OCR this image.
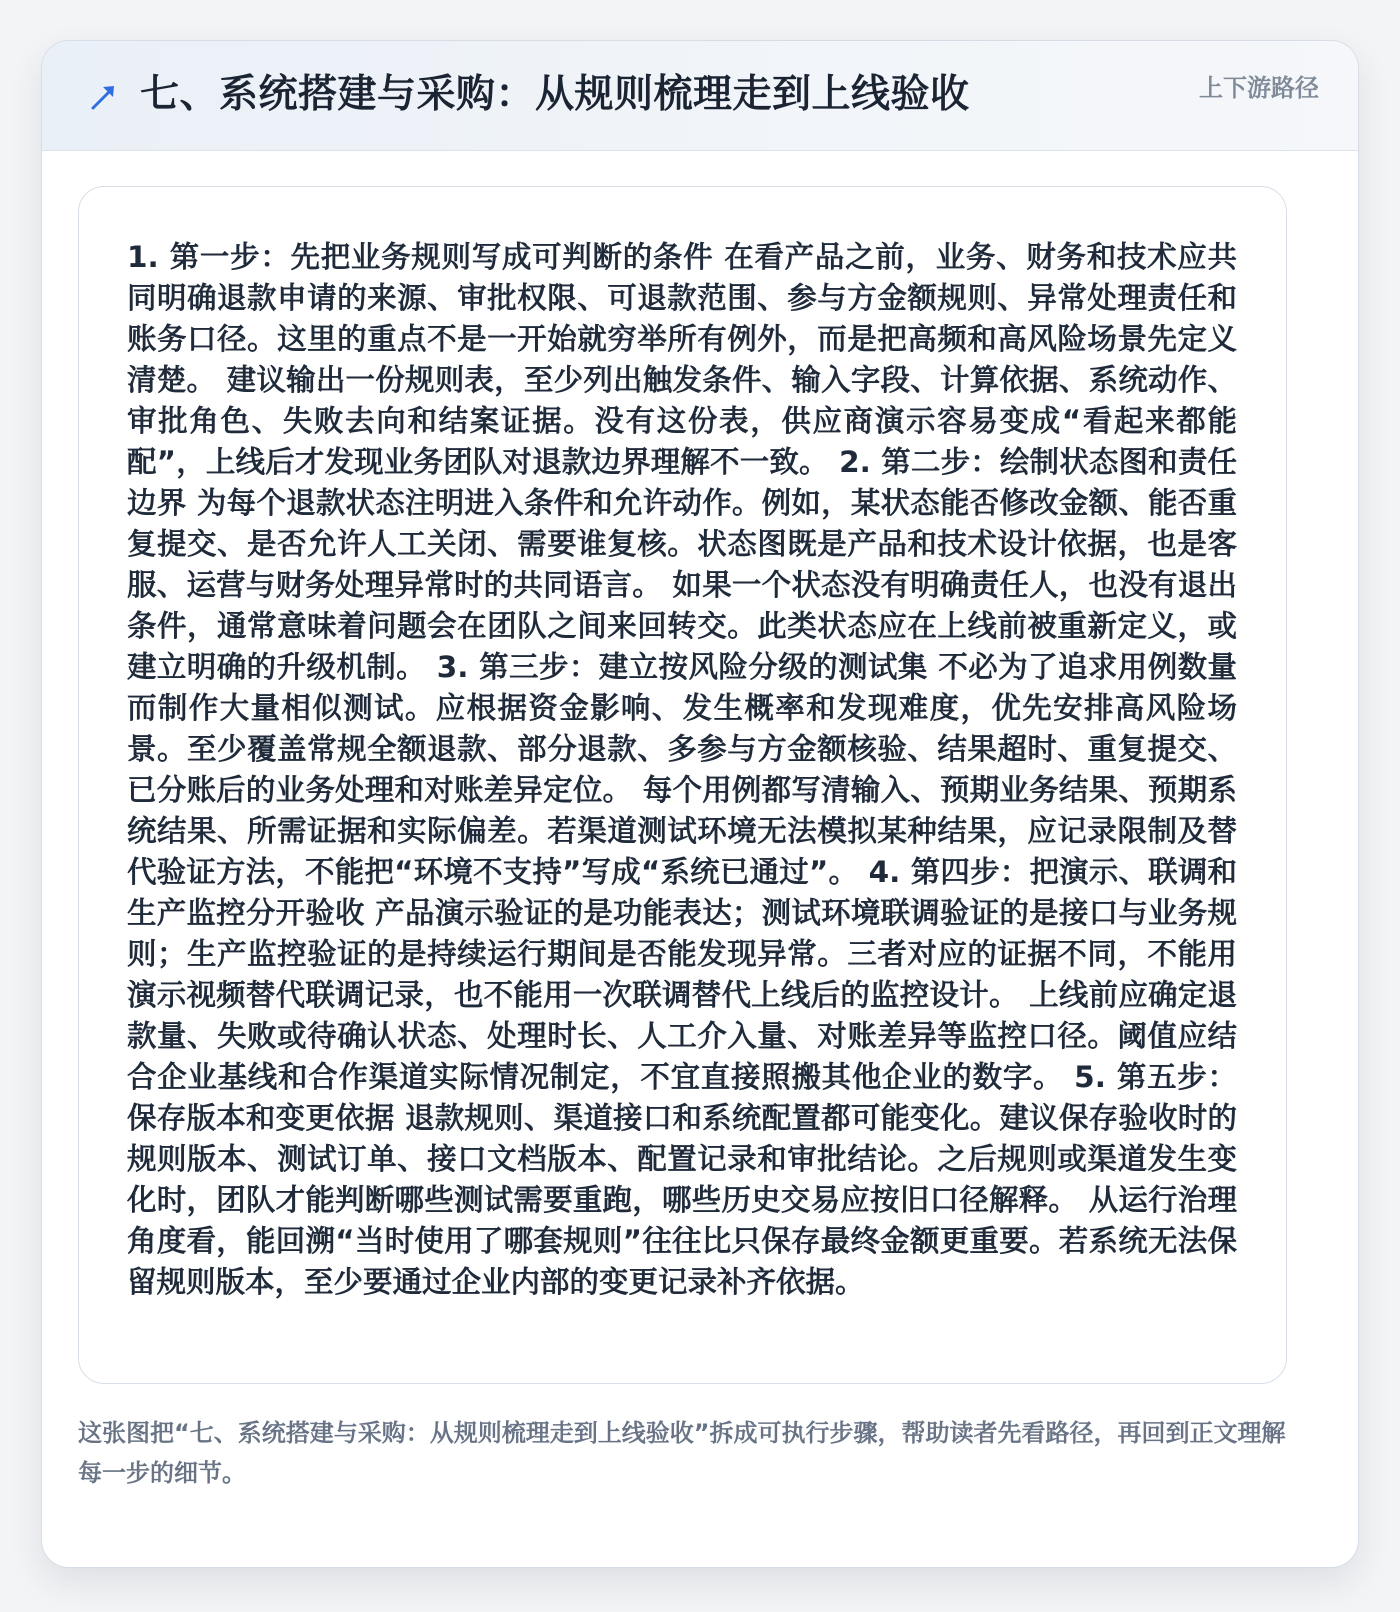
七、系统搭建与采购：从规则梳理走到上线验收	上下游路径

1. 第一步：先把业务规则写成可判断的条件 在看产品之前，业务、财务和技术应共同明确退款申请的来源、审批权限、可退款范围、参与方金额规则、异常处理责任和账务口径。这里的重点不是一开始就穷举所有例外，而是把高频和高风险场景先定义清楚。 建议输出一份规则表，至少列出触发条件、输入字段、计算依据、系统动作、审批角色、失败去向和结案证据。没有这份表，供应商演示容易变成“看起来都能配”，上线后才发现业务团队对退款边界理解不一致。 2. 第二步：绘制状态图和责任边界 为每个退款状态注明进入条件和允许动作。例如，某状态能否修改金额、能否重复提交、是否允许人工关闭、需要谁复核。状态图既是产品和技术设计依据，也是客服、运营与财务处理异常时的共同语言。 如果一个状态没有明确责任人，也没有退出条件，通常意味着问题会在团队之间来回转交。此类状态应在上线前被重新定义，或建立明确的升级机制。 3. 第三步：建立按风险分级的测试集 不必为了追求用例数量而制作大量相似测试。应根据资金影响、发生概率和发现难度，优先安排高风险场景。至少覆盖常规全额退款、部分退款、多参与方金额核验、结果超时、重复提交、已分账后的业务处理和对账差异定位。 每个用例都写清输入、预期业务结果、预期系统结果、所需证据和实际偏差。若渠道测试环境无法模拟某种结果，应记录限制及替代验证方法，不能把“环境不支持”写成“系统已通过”。 4. 第四步：把演示、联调和生产监控分开验收 产品演示验证的是功能表达；测试环境联调验证的是接口与业务规则；生产监控验证的是持续运行期间是否能发现异常。三者对应的证据不同，不能用演示视频替代联调记录，也不能用一次联调替代上线后的监控设计。 上线前应确定退款量、失败或待确认状态、处理时长、人工介入量、对账差异等监控口径。阈值应结合企业基线和合作渠道实际情况制定，不宜直接照搬其他企业的数字。 5. 第五步：保存版本和变更依据 退款规则、渠道接口和系统配置都可能变化。建议保存验收时的规则版本、测试订单、接口文档版本、配置记录和审批结论。之后规则或渠道发生变化时，团队才能判断哪些测试需要重跑，哪些历史交易应按旧口径解释。 从运行治理角度看，能回溯“当时使用了哪套规则”往往比只保存最终金额更重要。若系统无法保留规则版本，至少要通过企业内部的变更记录补齐依据。

这张图把“七、系统搭建与采购：从规则梳理走到上线验收”拆成可执行步骤，帮助读者先看路径，再回到正文理解每一步的细节。
